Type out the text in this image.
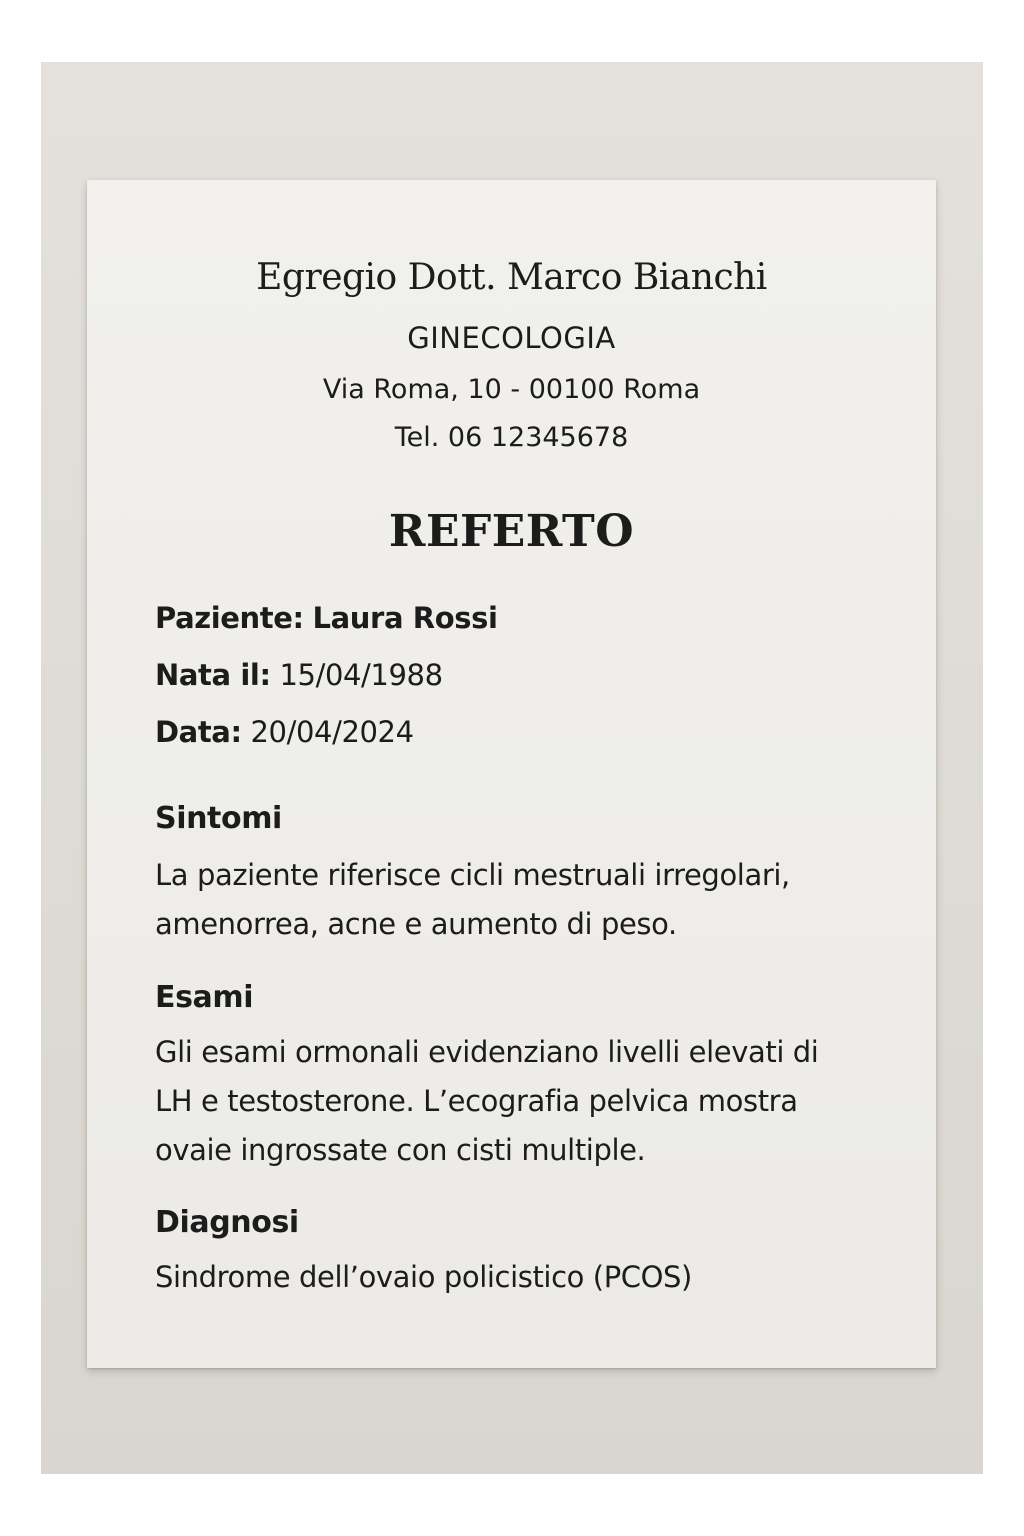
Egregio Dott. Marco Bianchi
GINECOLOGIA
Via Roma, 10 - 00100 Roma
Tel. 06 12345678
REFERTO
Paziente: Laura Rossi
Nata il: 15/04/1988
Data: 20/04/2024
Sintomi
La paziente riferisce cicli mestruali irregolari,
amenorrea, acne e aumento di peso.
Esami
Gli esami ormonali evidenziano livelli elevati di
LH e testosterone. L’ecografia pelvica mostra
ovaie ingrossate con cisti multiple.
Diagnosi
Sindrome dell’ovaio policistico (PCOS)
